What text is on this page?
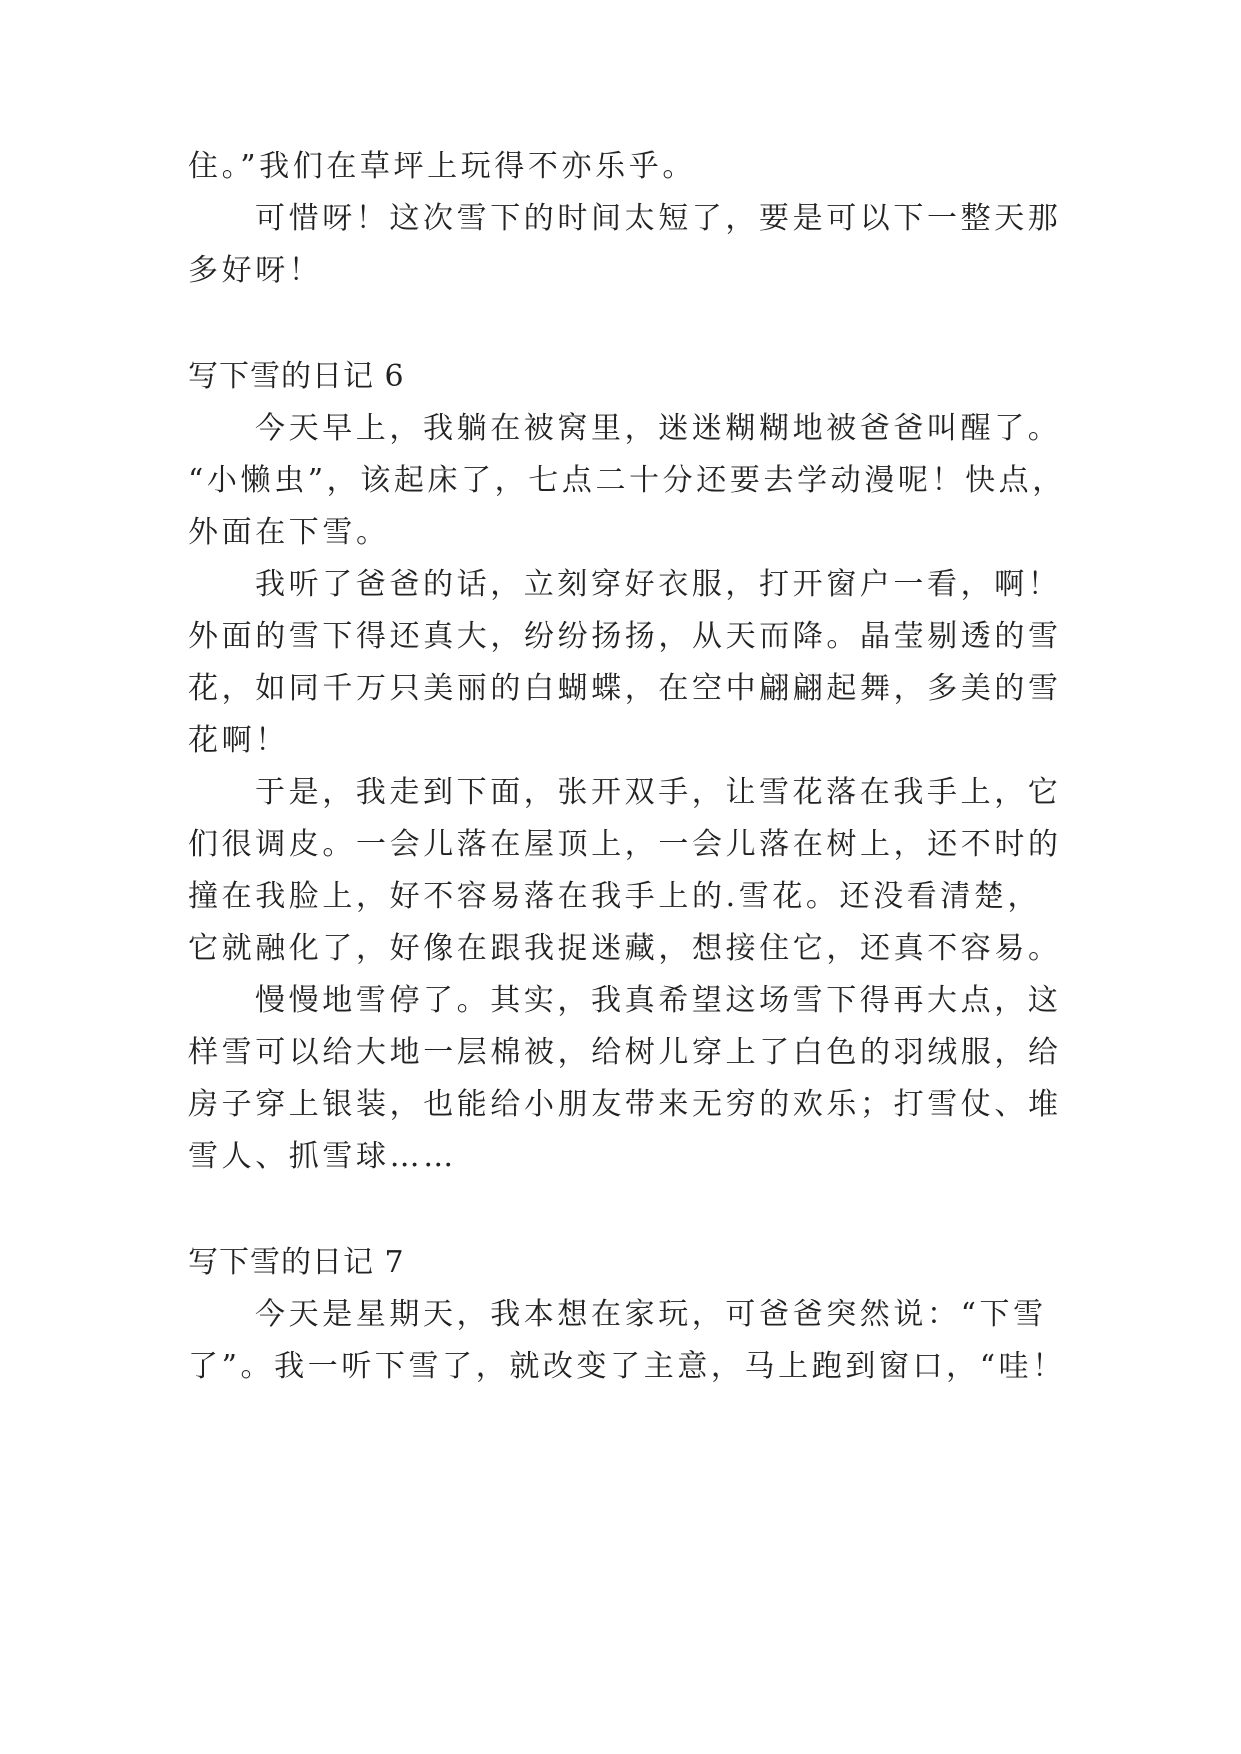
住。”我们在草坪上玩得不亦乐乎。
可惜呀！这次雪下的时间太短了，要是可以下一整天那
多好呀！
写下雪的日记 6
今天早上，我躺在被窝里，迷迷糊糊地被爸爸叫醒了。
“小懒虫”，该起床了，七点二十分还要去学动漫呢！快点，
外面在下雪。
我听了爸爸的话，立刻穿好衣服，打开窗户一看，啊！
外面的雪下得还真大，纷纷扬扬，从天而降。晶莹剔透的雪
花，如同千万只美丽的白蝴蝶，在空中翩翩起舞，多美的雪
花啊！
于是，我走到下面，张开双手，让雪花落在我手上，它
们很调皮。一会儿落在屋顶上，一会儿落在树上，还不时的
撞在我脸上，好不容易落在我手上的.雪花。还没看清楚，
它就融化了，好像在跟我捉迷藏，想接住它，还真不容易。
慢慢地雪停了。其实，我真希望这场雪下得再大点，这
样雪可以给大地一层棉被，给树儿穿上了白色的羽绒服，给
房子穿上银装，也能给小朋友带来无穷的欢乐；打雪仗、堆
雪人、抓雪球……
写下雪的日记 7
今天是星期天，我本想在家玩，可爸爸突然说：“下雪
了”。我一听下雪了，就改变了主意，马上跑到窗口，“哇！
